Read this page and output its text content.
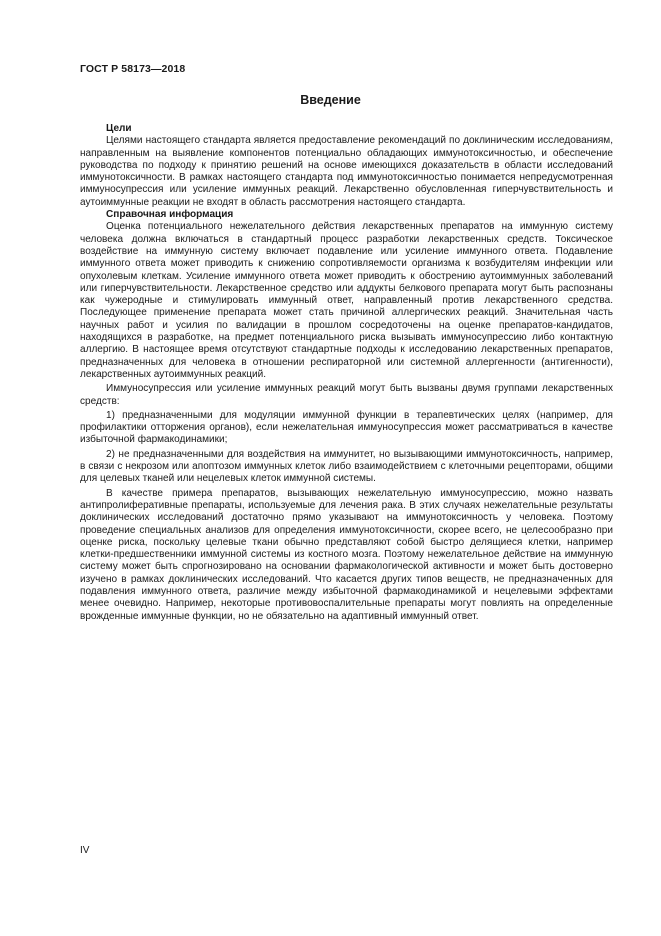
ГОСТ Р 58173—2018
Введение

Цели

Целями настоящего стандарта является предоставление рекомендаций по доклиническим исследованиям, направленным на выявление компонентов потенциально обладающих иммунотоксичностью, и обеспечение руководства по подходу к принятию решений на основе имеющихся доказательств в области исследований иммунотоксичности. В рамках настоящего стандарта под иммунотоксичностью понимается непредусмотренная иммуносупрессия или усиление иммунных реакций. Лекарственно обусловленная гиперчувствительность и аутоиммунные реакции не входят в область рассмотрения настоящего стандарта.

Справочная информация

Оценка потенциального нежелательного действия лекарственных препаратов на иммунную систему человека должна включаться в стандартный процесс разработки лекарственных средств. Токсическое воздействие на иммунную систему включает подавление или усиление иммунного ответа. Подавление иммунного ответа может приводить к снижению сопротивляемости организма к возбудителям инфекции или опухолевым клеткам. Усиление иммунного ответа может приводить к обострению аутоиммунных заболеваний или гиперчувствительности. Лекарственное средство или аддукты белкового препарата могут быть распознаны как чужеродные и стимулировать иммунный ответ, направленный против лекарственного средства. Последующее применение препарата может стать причиной аллергических реакций. Значительная часть научных работ и усилия по валидации в прошлом сосредоточены на оценке препаратов-кандидатов, находящихся в разработке, на предмет потенциального риска вызывать иммуносупрессию либо контактную аллергию. В настоящее время отсутствуют стандартные подходы к исследованию лекарственных препаратов, предназначенных для человека в отношении респираторной или системной аллергенности (антигенности), лекарственных аутоиммунных реакций.

Иммуносупрессия или усиление иммунных реакций могут быть вызваны двумя группами лекарственных средств:

1) предназначенными для модуляции иммунной функции в терапевтических целях (например, для профилактики отторжения органов), если нежелательная иммуносупрессия может рассматриваться в качестве избыточной фармакодинамики;

2) не предназначенными для воздействия на иммунитет, но вызывающими иммунотоксичность, например, в связи с некрозом или апоптозом иммунных клеток либо взаимодействием с клеточными рецепторами, общими для целевых тканей или нецелевых клеток иммунной системы.

В качестве примера препаратов, вызывающих нежелательную иммуносупрессию, можно назвать антипролиферативные препараты, используемые для лечения рака. В этих случаях нежелательные результаты доклинических исследований достаточно прямо указывают на иммунотоксичность у человека. Поэтому проведение специальных анализов для определения иммунотоксичности, скорее всего, не целесообразно при оценке риска, поскольку целевые ткани обычно представляют собой быстро делящиеся клетки, например клетки-предшественники иммунной системы из костного мозга. Поэтому нежелательное действие на иммунную систему может быть спрогнозировано на основании фармакологической активности и может быть достоверно изучено в рамках доклинических исследований. Что касается других типов веществ, не предназначенных для подавления иммунного ответа, различие между избыточной фармакодинамикой и нецелевыми эффектами менее очевидно. Например, некоторые противовоспалительные препараты могут повлиять на определенные врожденные иммунные функции, но не обязательно на адаптивный иммунный ответ.

IV
